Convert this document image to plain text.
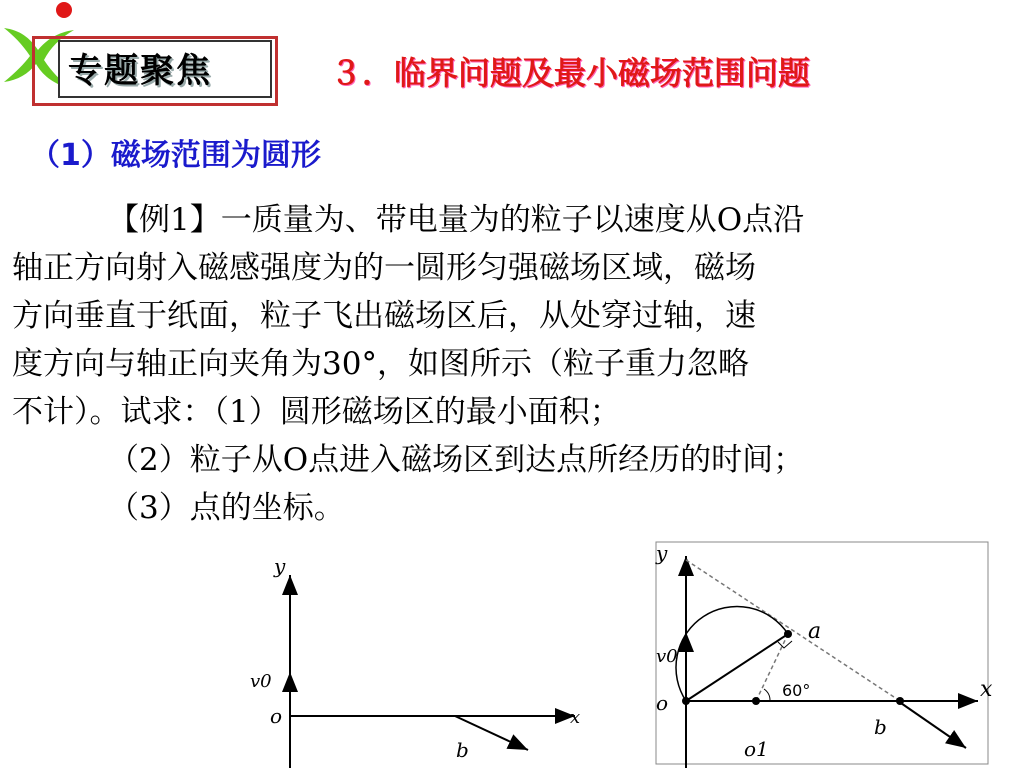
专题聚焦	３．临界问题及最小磁场范围问题
（1）磁场范围为圆形
【例1】一质量为、带电量为的粒子以速度从O点沿
轴正方向射入磁感强度为的一圆形匀强磁场区域，磁场
方向垂直于纸面，粒子飞出磁场区后，从处穿过轴，速
度方向与轴正向夹角为30°，如图所示（粒子重力忽略
不计）。试求：（1）圆形磁场区的最小面积；
（2）粒子从O点进入磁场区到达点所经历的时间；
（3）点的坐标。
y
x
o
v0
b
y
x
o
v0
a
b
o1
60°
